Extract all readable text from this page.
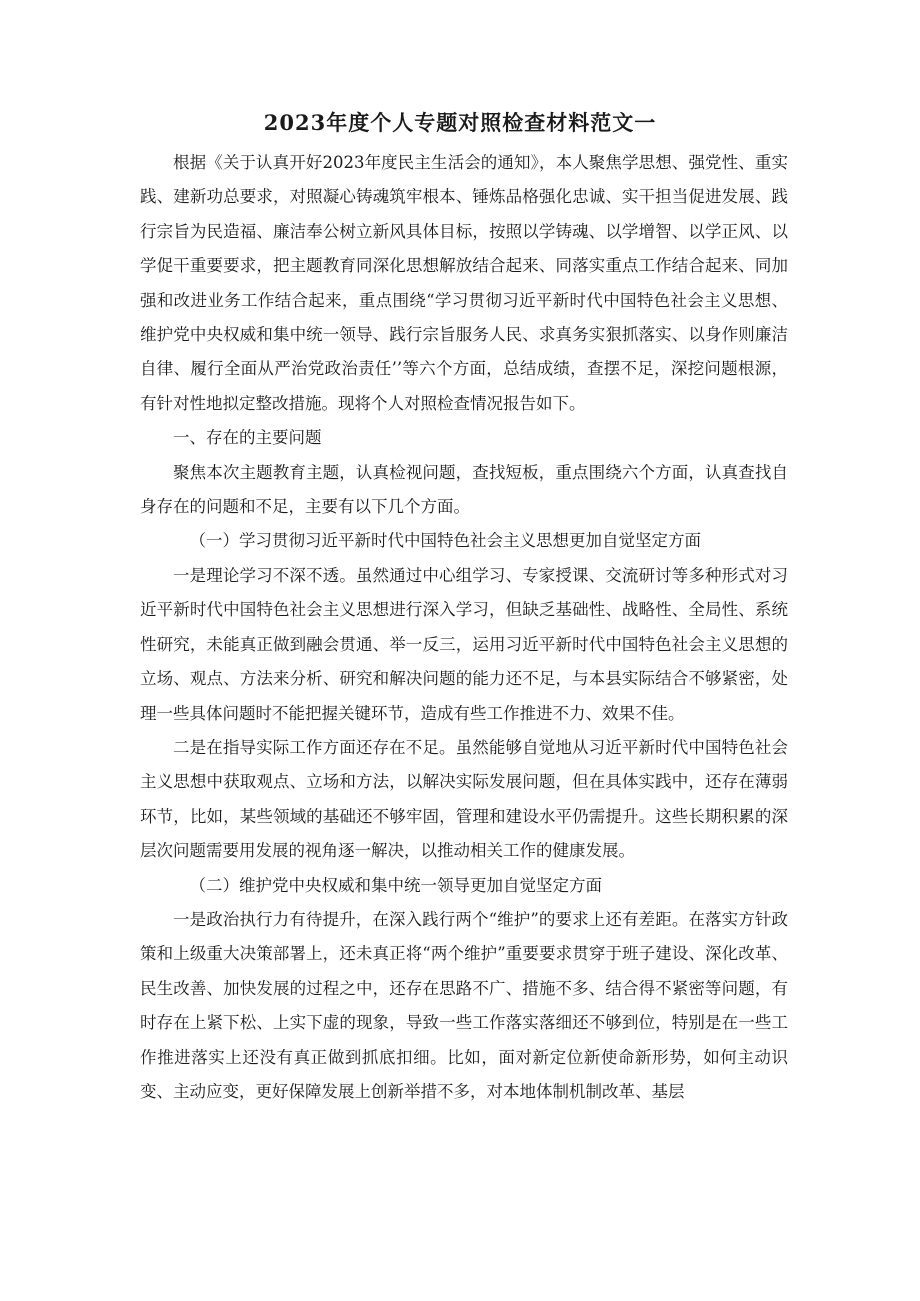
2023年度个人专题对照检查材料范文一

根据《关于认真开好2023年度民主生活会的通知》，本人聚焦学思想、强党性、重实践、建新功总要求，对照凝心铸魂筑牢根本、锤炼品格强化忠诚、实干担当促进发展、践行宗旨为民造福、廉洁奉公树立新风具体目标，按照以学铸魂、以学增智、以学正风、以学促干重要要求，把主题教育同深化思想解放结合起来、同落实重点工作结合起来、同加强和改进业务工作结合起来，重点围绕“学习贯彻习近平新时代中国特色社会主义思想、维护党中央权威和集中统一领导、践行宗旨服务人民、求真务实狠抓落实、以身作则廉洁自律、履行全面从严治党政治责任’’等六个方面，总结成绩，查摆不足，深挖问题根源，有针对性地拟定整改措施。现将个人对照检查情况报告如下。

一、存在的主要问题

聚焦本次主题教育主题，认真检视问题，查找短板，重点围绕六个方面，认真查找自身存在的问题和不足，主要有以下几个方面。

（一）学习贯彻习近平新时代中国特色社会主义思想更加自觉坚定方面

一是理论学习不深不透。虽然通过中心组学习、专家授课、交流研讨等多种形式对习近平新时代中国特色社会主义思想进行深入学习，但缺乏基础性、战略性、全局性、系统性研究，未能真正做到融会贯通、举一反三，运用习近平新时代中国特色社会主义思想的立场、观点、方法来分析、研究和解决问题的能力还不足，与本县实际结合不够紧密，处理一些具体问题时不能把握关键环节，造成有些工作推进不力、效果不佳。

二是在指导实际工作方面还存在不足。虽然能够自觉地从习近平新时代中国特色社会主义思想中获取观点、立场和方法，以解决实际发展问题，但在具体实践中，还存在薄弱环节，比如，某些领域的基础还不够牢固，管理和建设水平仍需提升。这些长期积累的深层次问题需要用发展的视角逐一解决，以推动相关工作的健康发展。

（二）维护党中央权威和集中统一领导更加自觉坚定方面

一是政治执行力有待提升，在深入践行两个“维护”的要求上还有差距。在落实方针政策和上级重大决策部署上，还未真正将“两个维护”重要要求贯穿于班子建设、深化改革、民生改善、加快发展的过程之中，还存在思路不广、措施不多、结合得不紧密等问题，有时存在上紧下松、上实下虚的现象，导致一些工作落实落细还不够到位，特别是在一些工作推进落实上还没有真正做到抓底扣细。比如，面对新定位新使命新形势，如何主动识变、主动应变，更好保障发展上创新举措不多，对本地体制机制改革、基层
